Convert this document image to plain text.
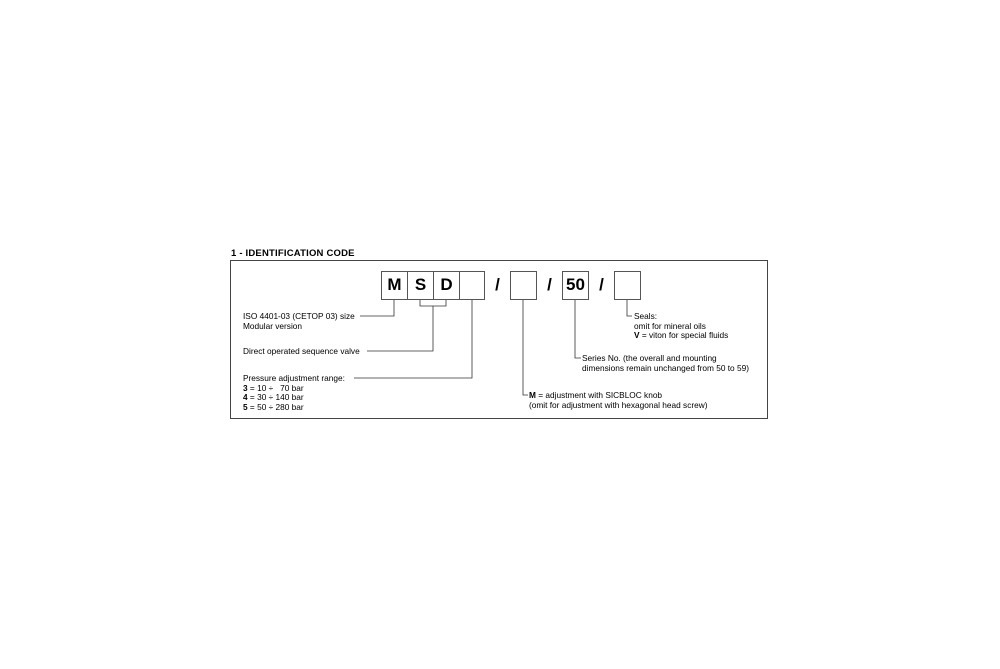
1 - IDENTIFICATION CODE
M S D	/	/ 50 /
ISO 4401-03 (CETOP 03) size
Modular version
Direct operated sequence valve
Pressure adjustment range:
3 = 10 ÷   70 bar
4 = 30 ÷ 140 bar
5 = 50 ÷ 280 bar
M = adjustment with SICBLOC knob
(omit for adjustment with hexagonal head screw)
Series No. (the overall and mounting
dimensions remain unchanged from 50 to 59)
Seals:
omit for mineral oils
V = viton for special fluids
